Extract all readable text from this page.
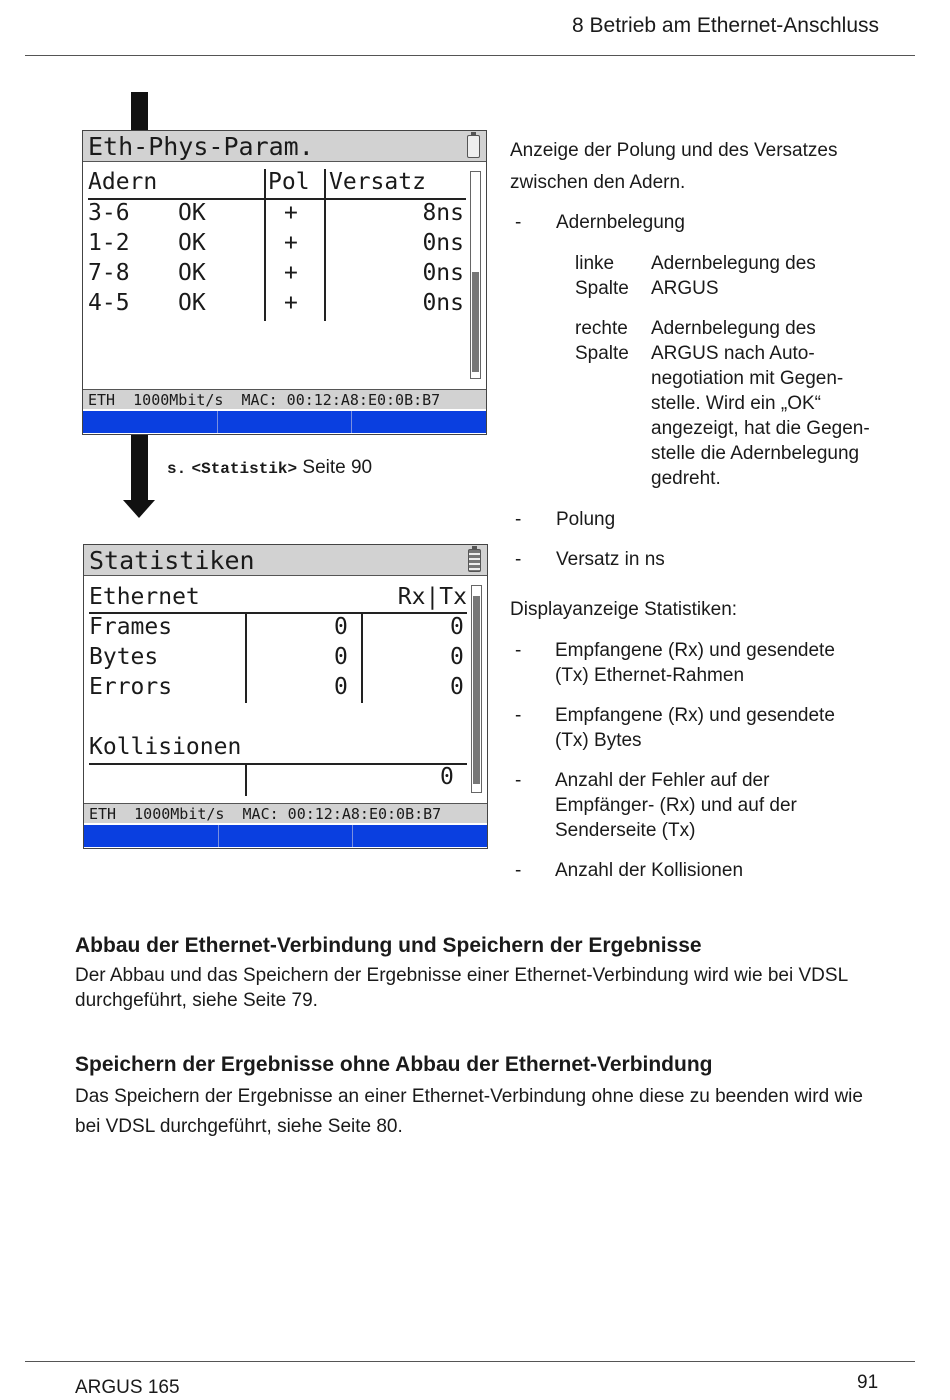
8 Betrieb am Ethernet-Anschluss
Eth-Phys-Param.
Adern	Pol Versatz
3-6 OK	+	8ns
1-2 OK	+	0ns
7-8 OK	+	0ns
4-5 OK	+	0ns
ETH  1000Mbit/s  MAC: 00:12:A8:E0:0B:B7
s. <Statistik> Seite 90
Statistiken
Ethernet	Rx|Tx
Frames	0	0
Bytes	0	0
Errors	0	0
Kollisionen
0
ETH  1000Mbit/s  MAC: 00:12:A8:E0:0B:B7
Anzeige der Polung und des Versatzes zwischen den Adern.
- Adernbelegung
linke Spalte
Adernbelegung des ARGUS
rechte Spalte
Adernbelegung des ARGUS nach Auto-negotiation mit Gegen-stelle. Wird ein „OK“ angezeigt, hat die Gegen-stelle die Adernbelegung gedreht.
- Polung
- Versatz in ns
Displayanzeige Statistiken:
- Empfangene (Rx) und gesendete (Tx) Ethernet-Rahmen
- Empfangene (Rx) und gesendete (Tx) Bytes
- Anzahl der Fehler auf der Empfänger- (Rx) und auf der Senderseite (Tx)
- Anzahl der Kollisionen
Abbau der Ethernet-Verbindung und Speichern der Ergebnisse
Der Abbau und das Speichern der Ergebnisse einer Ethernet-Verbindung wird wie bei VDSL durchgeführt, siehe Seite 79.
Speichern der Ergebnisse ohne Abbau der Ethernet-Verbindung
Das Speichern der Ergebnisse an einer Ethernet-Verbindung ohne diese zu beenden wird wie bei VDSL durchgeführt, siehe Seite 80.
ARGUS 165	91
